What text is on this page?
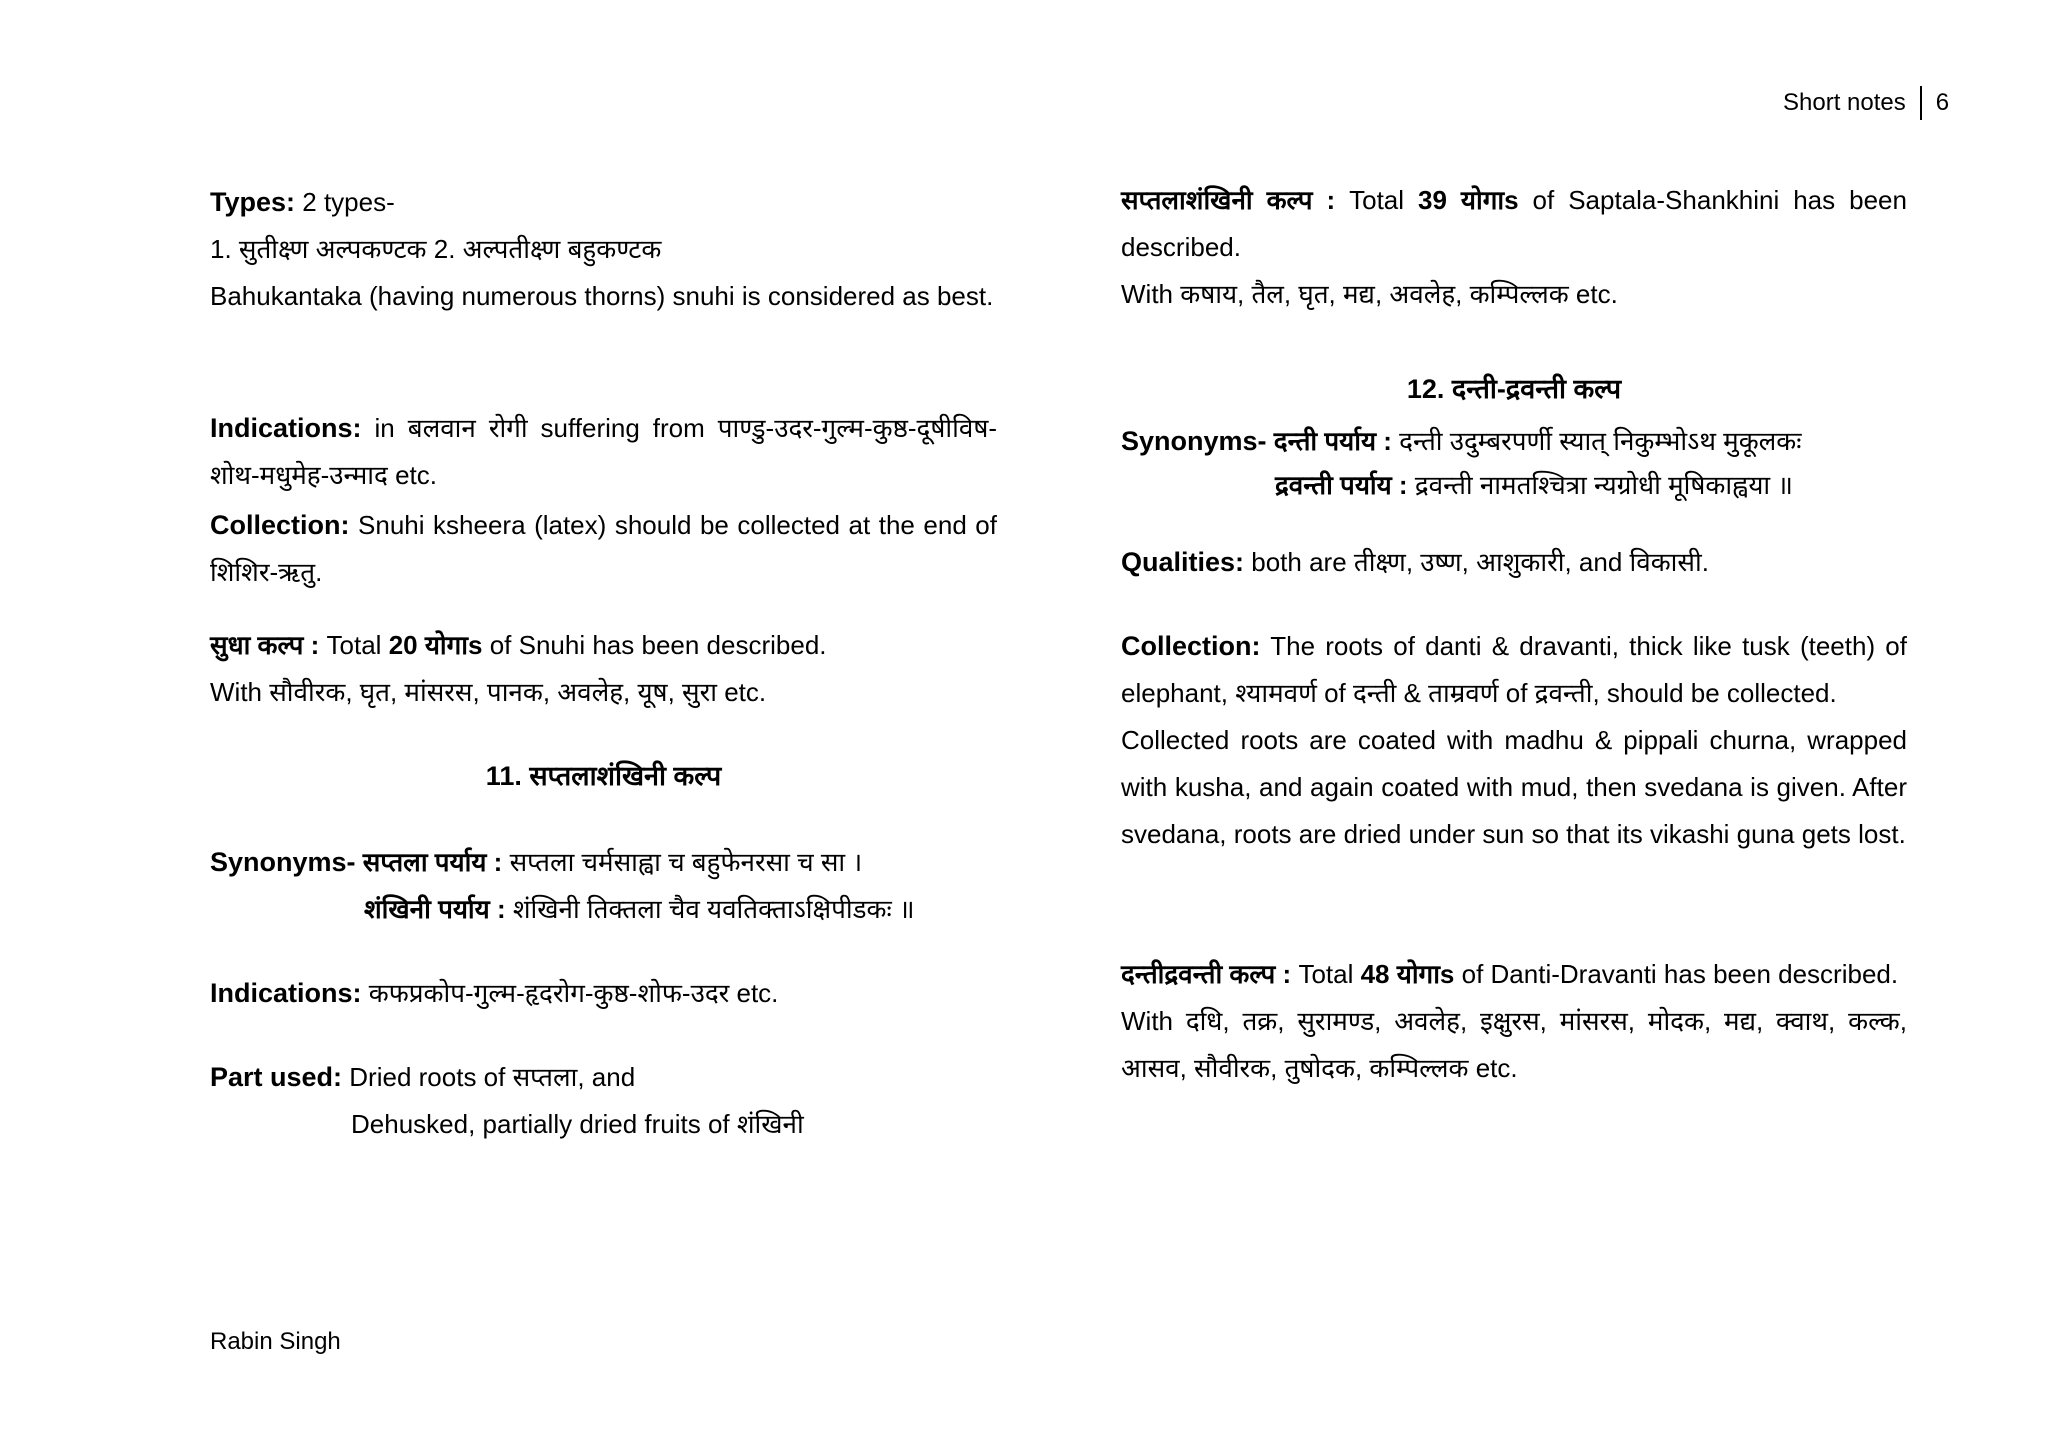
Short notes 6
Types: 2 types-
1. सुतीक्ष्ण अल्पकण्टक 2. अल्पतीक्ष्ण बहुकण्टक
Bahukantaka (having numerous thorns) snuhi is considered as best.
Indications: in बलवान रोगी suffering from पाण्डु-उदर-गुल्म-कुष्ठ-दूषीविष-शोथ-मधुमेह-उन्माद etc.
Collection: Snuhi ksheera (latex) should be collected at the end of शिशिर-ऋतु.
सुधा कल्प : Total 20 योगाs of Snuhi has been described.
With सौवीरक, घृत, मांसरस, पानक, अवलेह, यूष, सुरा etc.
11. सप्तलाशंखिनी कल्प
Synonyms- सप्तला पर्याय : सप्तला चर्मसाह्वा च बहुफेनरसा च सा ।
शंखिनी पर्याय : शंखिनी तिक्तला चैव यवतिक्ताऽक्षिपीडकः ॥
Indications: कफप्रकोप-गुल्म-हृदरोग-कुष्ठ-शोफ-उदर etc.
Part used: Dried roots of सप्तला, and
Dehusked, partially dried fruits of शंखिनी
सप्तलाशंखिनी कल्प : Total 39 योगाs of Saptala-Shankhini has been described.
With कषाय, तैल, घृत, मद्य, अवलेह, कम्पिल्लक etc.
12. दन्ती-द्रवन्ती कल्प
Synonyms- दन्ती पर्याय : दन्ती उदुम्बरपर्णी स्यात् निकुम्भोऽथ मुकूलकः
द्रवन्ती पर्याय : द्रवन्ती नामतश्चित्रा न्यग्रोधी मूषिकाह्वया ॥
Qualities: both are तीक्ष्ण, उष्ण, आशुकारी, and विकासी.
Collection: The roots of danti & dravanti, thick like tusk (teeth) of elephant, श्यामवर्ण of दन्ती & ताम्रवर्ण of द्रवन्ती, should be collected.
Collected roots are coated with madhu & pippali churna, wrapped with kusha, and again coated with mud, then svedana is given. After svedana, roots are dried under sun so that its vikashi guna gets lost.
दन्तीद्रवन्ती कल्प : Total 48 योगाs of Danti-Dravanti has been described.
With दधि, तक्र, सुरामण्ड, अवलेह, इक्षुरस, मांसरस, मोदक, मद्य, क्वाथ, कल्क, आसव, सौवीरक, तुषोदक, कम्पिल्लक etc.
Rabin Singh
